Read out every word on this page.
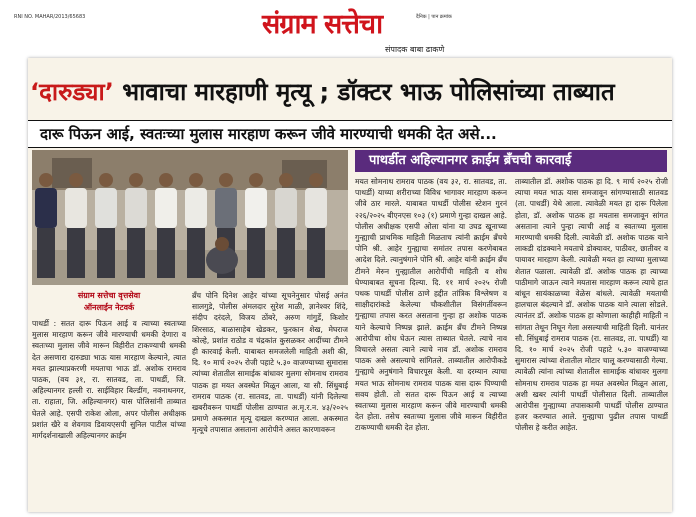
RNI NO. MAHAR/2013/65683	संग्राम सत्तेचा	दैनिक | पान क्रमांक
संपादक बाबा ढाकणे
‘दारुड्या’ भावाचा मारहाणी मृत्यू ; डॉक्टर भाऊ पोलिसांच्या ताब्यात
दारू पिऊन आई, स्वतःच्या मुलास मारहाण करून जीवे मारण्याची धमकी देत असे...
संग्राम सत्तेचा वृत्तसेवा
ऑनलाईन नेटवर्क
पाथर्डीत अहिल्यानगर क्राईम ब्रँचची कारवाई

पाथर्डी : सतत दारू पिऊन आई व त्याच्या स्वतःच्या मुलास मारहाण करून जीवे मारण्याची धमकी देणारा व स्वतःच्या मुलास जीवे मारून विहीरीत टाकण्याची धमकी देत असणारा दारुड्या भाऊ यास मारहाण केल्याने, त्यात मयत झाल्याप्रकरणी मयताचा भाऊ डॉ. अशोक रामराव पाठक, (वय ३१, रा. सातवड, ता. पाथर्डी, जि. अहिल्यानगर हल्ली रा. साईविहार बिल्डींग, नवनाथनगर, ता. राहाता, जि. अहिल्यानगर) यास पोलिसांनी ताब्यात घेतले आहे. एसपी राकेश ओला, अपर पोलीस अधीक्षक प्रशांत खैरे व शेवगाव डिवायएसपी सुनिल पाटील यांच्या मार्गदर्शनाखाली अहिल्यानगर क्राईम

ब्रँच पोनि दिनेश आहेर यांच्या सूचनेनुसार पोसई अनंत सालगुडे, पोलीस अंमलदार सुरेश माळी, ज्ञानेश्वर शिंदे, संदीप दरंदले, विजय ठोंबरे, अरुण गांगुर्डे, किशोर शिरसाठ, बाळासाहेब खेडकर, फुरकान शेख, मेघराज कोल्हे, प्रशांत राठोड व चंद्रकांत कुसळकर आदींच्या टीमने ही कारवाई केली. याबाबत समजलेली माहिती अशी की, दि. १० मार्च २०२५ रोजी पहाटे ५.३० वाजण्याच्या सुमारास त्यांच्या शेतातील सामाईक बांधावर मुलगा सोमनाथ रामराव पाठक हा मयत अवस्थेत मिळून आला, या सौ. सिंधुबाई रामराव पाठक (रा. सातवड, ता. पाथर्डी) यांनी दिलेल्या खबरीवरून पाथर्डी पोलीस ठाण्यात अ.मृ.र.न. ४३/२०२५ प्रमाणे अकस्मात मृत्यू दाखल करण्यात आला. अकस्मात मृत्यूचे तपासात असताना आरोपीने असत कारणावरून

मयत सोमनाथ रामराव पाठक (वय ३२, रा. सातवड, ता. पाथर्डी) याच्या शरीराच्या विविध भागावर मारहाण करून जीवे ठार मारले. याबाबत पाथर्डी पोलीस स्टेशन गुरनं २२६/२०२५ बीएनएस १०३ (१) प्रमाणे गुन्हा दाखल आहे. पोलीस अधीक्षक एसपी ओला यांना या उघड खूनाच्या गुन्ह्याची प्राथमिक माहिती मिळताच त्यांनी क्राईम ब्रँचचे पोनि श्री. आहेर गुन्ह्याचा समांतर तपास करणेबाबत आदेश दिले. त्यानुषंगाने पोनि श्री. आहेर यांनी क्राईम ब्रँच टीमने मेरुन गुन्ह्यातील आरोपींची माहिती व शोध घेण्याबाबत सूचना दिल्या. दि. ११ मार्च २०२५ रोजी पथक पाथर्डी पोलीस ठाणे हद्दीत तांत्रिक विश्लेषण व साक्षीदारांकडे केलेल्या चौकशीतील विसंगतींवरून गुन्ह्याचा तपास करत असताना गुन्हा हा अशोक पाठक याने केल्याचे निष्पन्न झाले. क्राईम ब्रँच टीमने निष्पन्न आरोपीचा शोध घेऊन त्यास ताब्यात घेतले. त्याचे नाव विचारले असता त्याने त्याचे नाव डॉ. अशोक रामराव पाठक असे असल्याचे सांगितले. ताब्यातील आरोपीकडे गुन्ह्याचे अनुषंगाने विचारपूस केली. या दरम्यान त्याचा मयत भाऊ सोमनाथ रामराव पाठक यास दारू पिण्याची सवय होती. तो सतत दारू पिऊन आई व त्याच्या स्वतःच्या मुलास मारहाण करून जीवे मारण्याची धमकी देत होता. तसेच स्वतःच्या मुलास जीवे मारून विहीरीत टाकण्याची धमकी देत होता.

ताब्यातील डॉ. अशोक पाठक हा दि. ९ मार्च २०२५ रोजी त्याचा मयत भाऊ यास समजावून सांगण्यासाठी सातवड (ता. पाथर्डी) येथे आला. त्यावेळी मयत हा दारू पिलेला होता, डॉ. अशोक पाठक हा मयतास समजावून सांगत असताना त्याने पुन्हा त्याची आई व स्वतःच्या मुलास मारण्याची धमकी दिली. त्यावेळी डॉ. अशोक पाठक याने लाकडी दांडक्याने मयताचे डोक्यावर, पाठीवर, छातीवर व पायावर मारहाण केली. त्यावेळी मयत हा त्याच्या मुलाच्या शेतात पळाला. त्यावेळी डॉ. अशोक पाठक हा त्याच्या पाठीमागे जाऊन त्याने मयतास मारहाण करून त्याचे हात बांधून सायंकाळच्या वेळेस बांधले. त्यावेळी मयताची हालचाल बंदल्याने डॉ. अशोक पाठक याने त्याला सोडले. त्यानंतर डॉ. अशोक पाठक हा कोणाला काहीही माहिती न सांगता तेथून निघून गेला असल्याची माहिती दिली. यानंतर सौ. सिंधुबाई रामराव पाठक (रा. सातवड, ता. पाथर्डी) या दि. १० मार्च २०२५ रोजी पहाटे ५.३० वाजण्याच्या सुमारास त्यांच्या शेतातील मोटार चालू करण्यासाठी गेल्या. त्यावेळी त्यांना त्यांच्या शेतातील सामाईक बांधावर मुलगा सोमनाथ रामराव पाठक हा मयत अवस्थेत मिळून आला, अशी खबर त्यांनी पाथर्डी पोलीसात दिली. ताब्यातील आरोपीस गुन्ह्याच्या तपासकामी पाथर्डी पोलीस ठाण्यात हजर करण्यात आले. गुन्ह्याचा पुढील तपास पाथर्डी पोलीस हे करीत आहेत.
